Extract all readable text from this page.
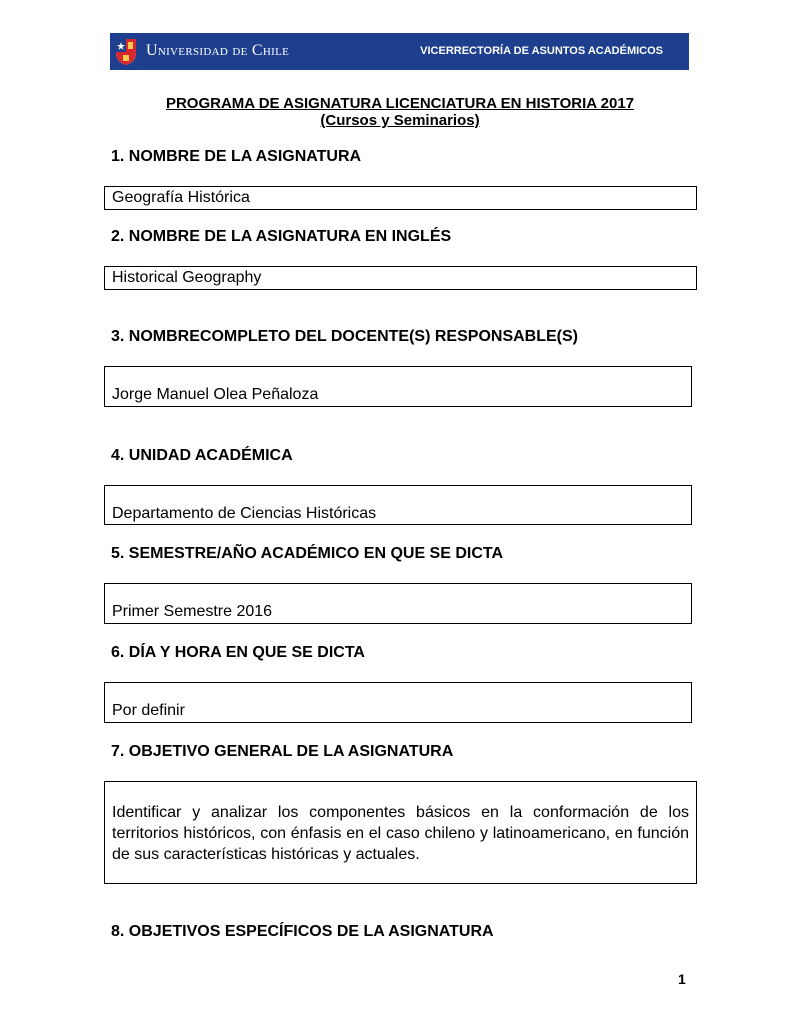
Universidad de Chile	VICERRECTORÍA DE ASUNTOS ACADÉMICOS
PROGRAMA DE ASIGNATURA LICENCIATURA EN HISTORIA 2017
(Cursos y Seminarios)
1. NOMBRE DE LA ASIGNATURA
Geografía Histórica
2. NOMBRE DE LA ASIGNATURA EN INGLÉS
Historical Geography
3. NOMBRECOMPLETO DEL DOCENTE(S) RESPONSABLE(S)
Jorge Manuel Olea Peñaloza
4. UNIDAD ACADÉMICA
Departamento de Ciencias Históricas
5. SEMESTRE/AÑO ACADÉMICO EN QUE SE DICTA
Primer Semestre 2016
6. DÍA Y HORA EN QUE SE DICTA
Por definir
7. OBJETIVO GENERAL DE LA ASIGNATURA
Identificar y analizar los componentes básicos en la conformación de los territorios históricos, con énfasis en el caso chileno y latinoamericano, en función de sus características históricas y actuales.
8. OBJETIVOS ESPECÍFICOS DE LA ASIGNATURA
1
